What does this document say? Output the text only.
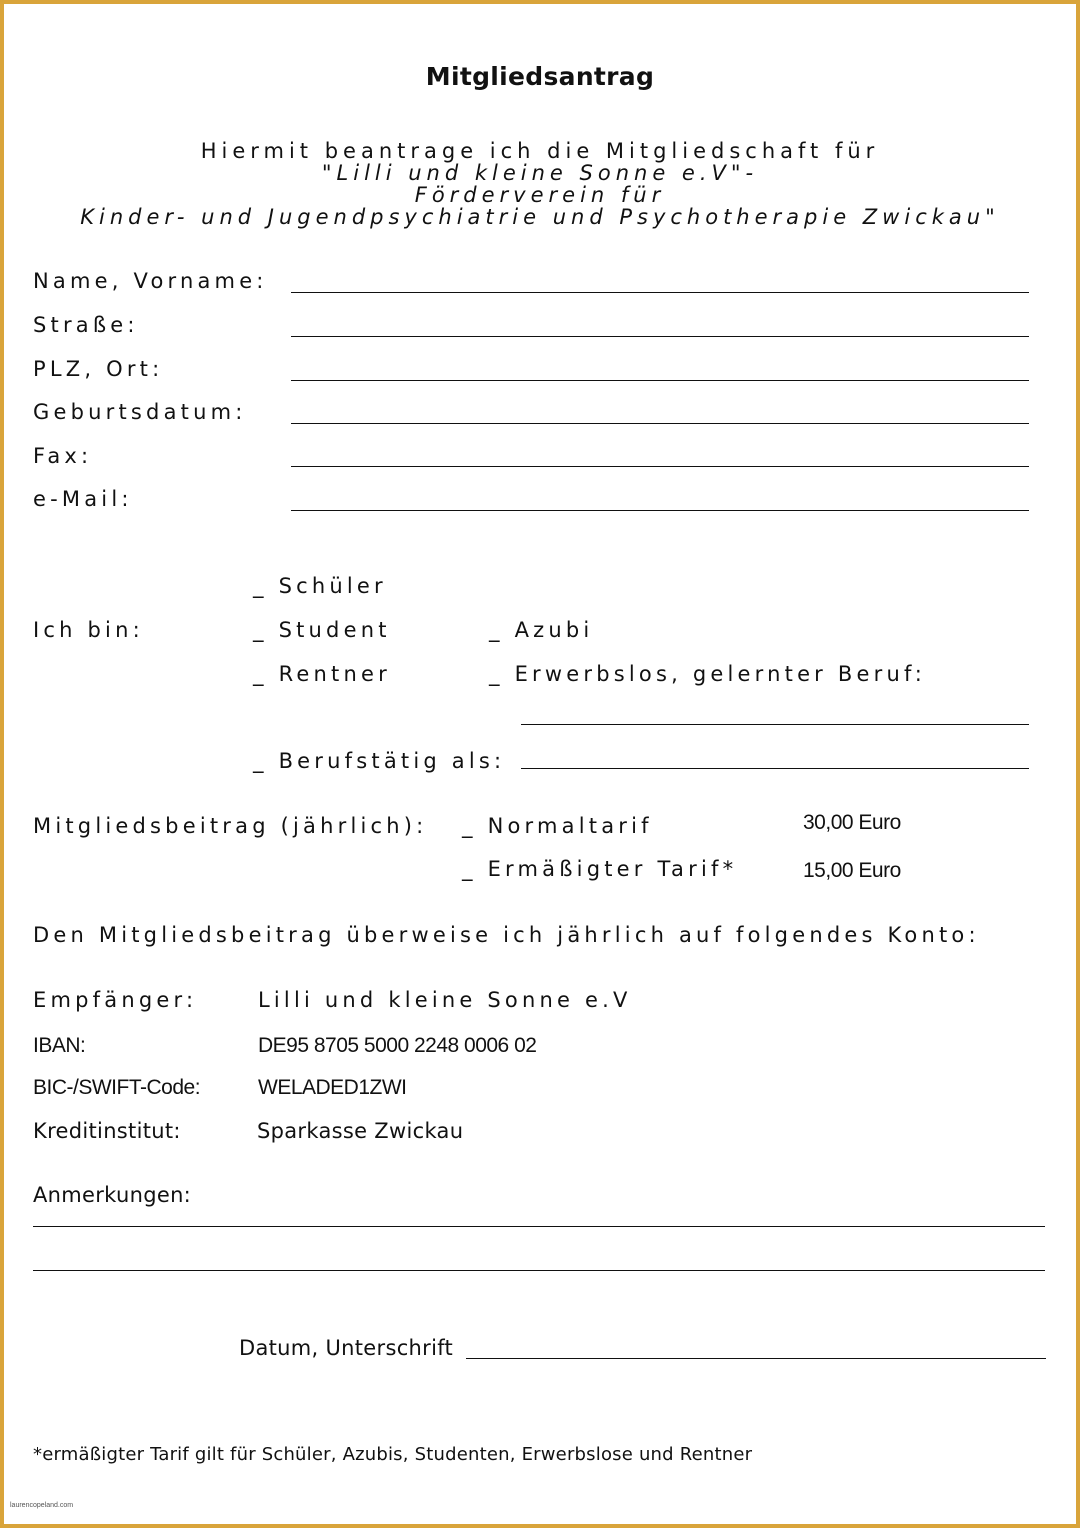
Mitgliedsantrag
Hiermit beantrage ich die Mitgliedschaft für
"Lilli und kleine Sonne e.V"-
Förderverein für
Kinder- und Jugendpsychiatrie und Psychotherapie Zwickau"
Name, Vorname:
Straße:
PLZ, Ort:
Geburtsdatum:
Fax:
e-Mail:
_ Schüler
Ich bin:	_ Student	_ Azubi
_ Rentner	_ Erwerbslos, gelernter Beruf:
_ Berufstätig als:
Mitgliedsbeitrag (jährlich): _ Normaltarif	30,00 Euro
_ Ermäßigter Tarif*	15,00 Euro
Den Mitgliedsbeitrag überweise ich jährlich auf folgendes Konto:
Empfänger:	Lilli und kleine Sonne e.V
IBAN:	DE95 8705 5000 2248 0006 02
BIC-/SWIFT-Code:	WELADED1ZWI
Kreditinstitut:	Sparkasse Zwickau
Anmerkungen:
Datum, Unterschrift
*ermäßigter Tarif gilt für Schüler, Azubis, Studenten, Erwerbslose und Rentner
laurencopeland.com
